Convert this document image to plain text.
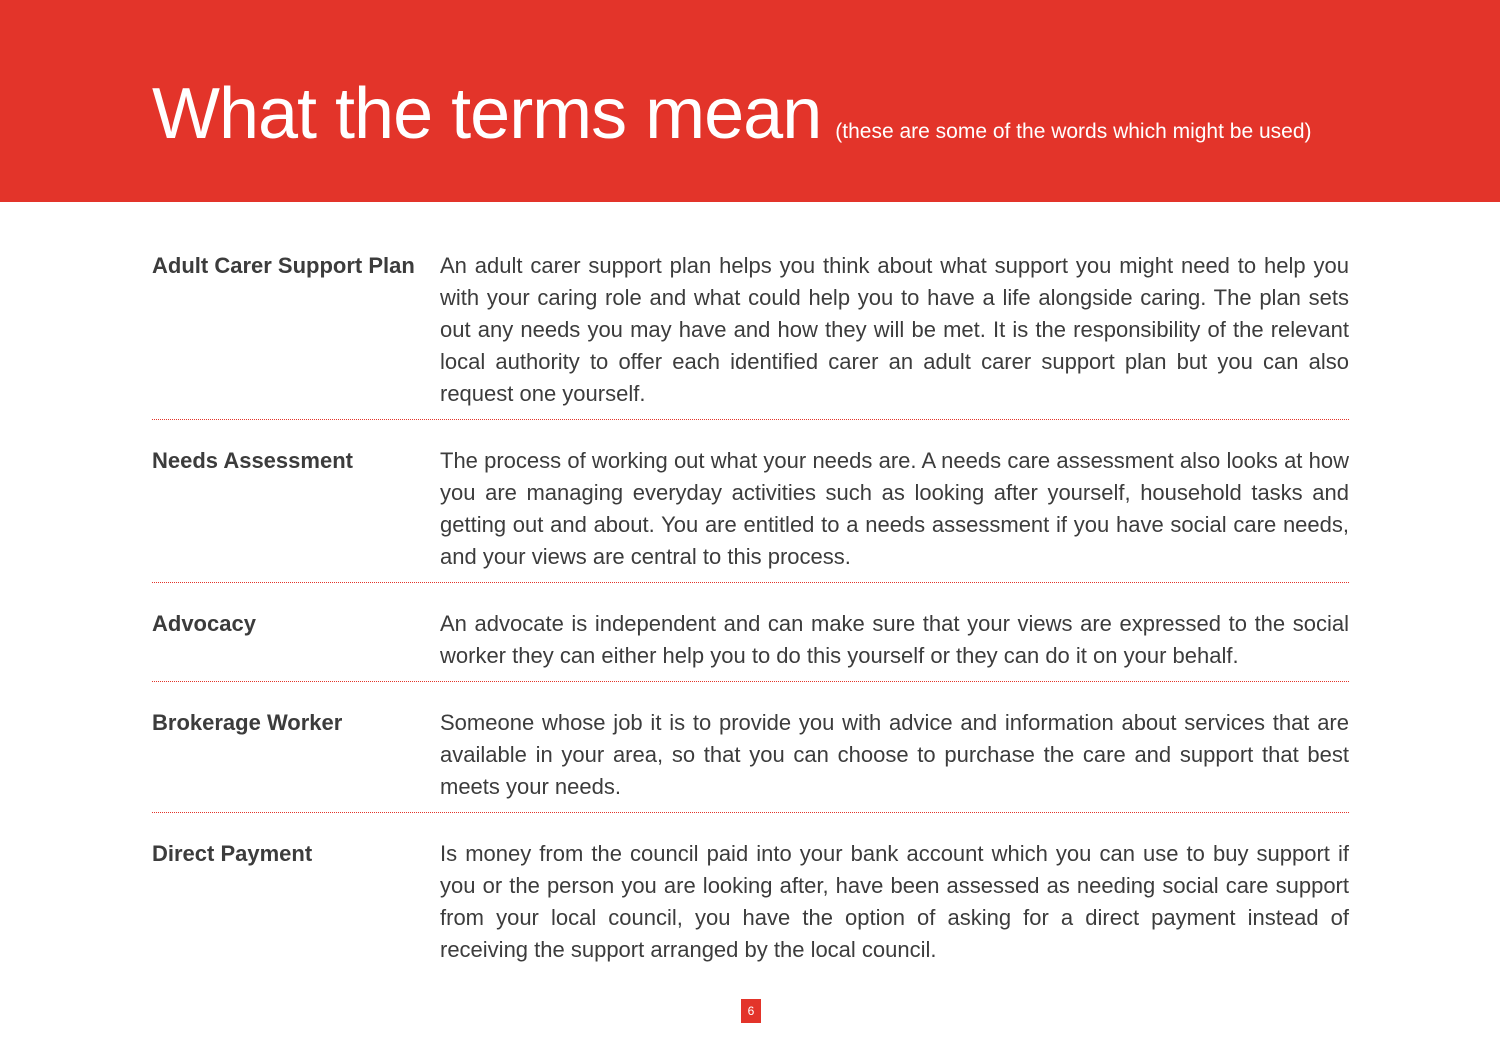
What the terms mean (these are some of the words which might be used)
Adult Carer Support Plan	An adult carer support plan helps you think about what support you might need to help you with your caring role and what could help you to have a life alongside caring. The plan sets out any needs you may have and how they will be met. It is the responsibility of the relevant local authority to offer each identified carer an adult carer support plan but you can also request one yourself.
Needs Assessment	The process of working out what your needs are. A needs care assessment also looks at how you are managing everyday activities such as looking after yourself, household tasks and getting out and about. You are entitled to a needs assessment if you have social care needs, and your views are central to this process.
Advocacy	An advocate is independent and can make sure that your views are expressed to the social worker they can either help you to do this yourself or they can do it on your behalf.
Brokerage Worker	Someone whose job it is to provide you with advice and information about services that are available in your area, so that you can choose to purchase the care and support that best meets your needs.
Direct Payment	Is money from the council paid into your bank account which you can use to buy support if you or the person you are looking after, have been assessed as needing social care support from your local council, you have the option of asking for a direct payment instead of receiving the support arranged by the local council.
6
